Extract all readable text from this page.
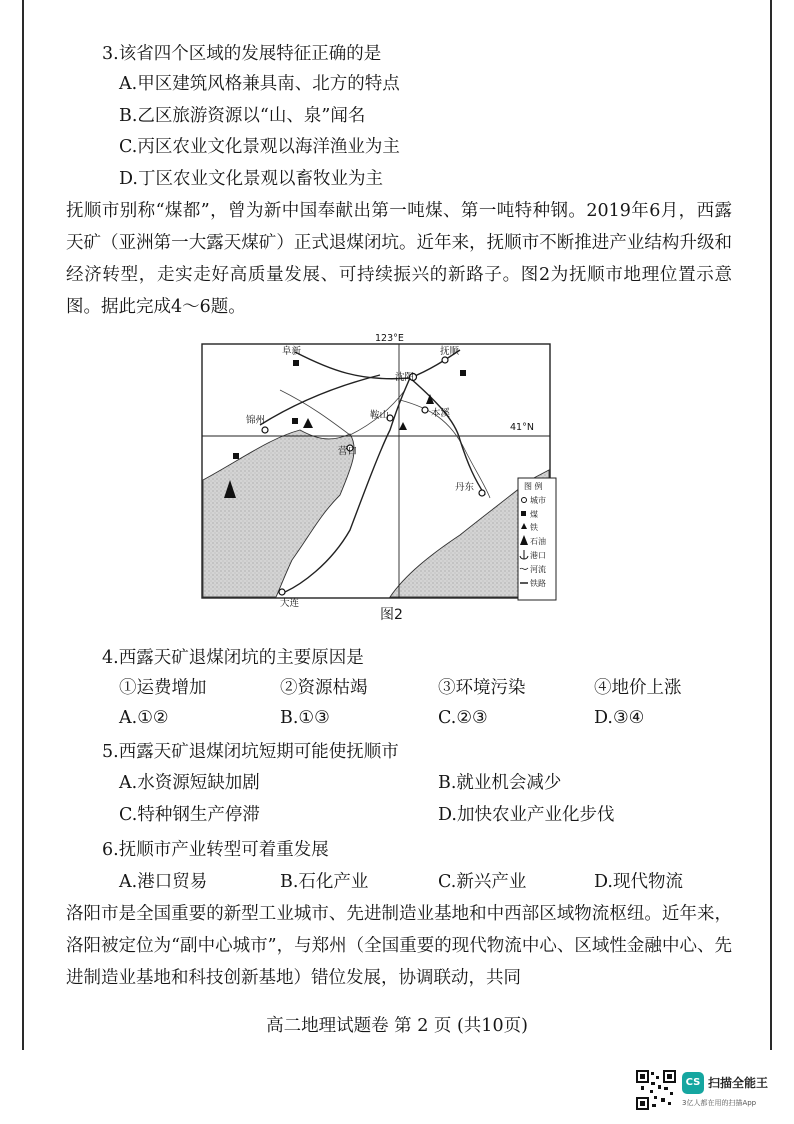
3.该省四个区域的发展特征正确的是
A.甲区建筑风格兼具南、北方的特点
B.乙区旅游资源以“山、泉”闻名
C.丙区农业文化景观以海洋渔业为主
D.丁区农业文化景观以畜牧业为主
抚顺市别称“煤都”，曾为新中国奉献出第一吨煤、第一吨特种钢。2019年6月，西露天矿（亚洲第一大露天煤矿）正式退煤闭坑。近年来，抚顺市不断推进产业结构升级和经济转型，走实走好高质量发展、可持续振兴的新路子。图2为抚顺市地理位置示意图。据此完成4～6题。
123°E
41°N
阜新	抚顺
沈阳
锦州
本溪
鞍山
营口
丹东
大连
图 例
城市
煤
铁
石油
港口
河流
铁路
图2
4.西露天矿退煤闭坑的主要原因是
①运费增加	②资源枯竭	③环境污染	④地价上涨
A.①②	B.①③	C.②③	D.③④
5.西露天矿退煤闭坑短期可能使抚顺市
A.水资源短缺加剧	B.就业机会减少
C.特种钢生产停滞	D.加快农业产业化步伐
6.抚顺市产业转型可着重发展
A.港口贸易	B.石化产业	C.新兴产业	D.现代物流
洛阳市是全国重要的新型工业城市、先进制造业基地和中西部区域物流枢纽。近年来，洛阳被定位为“副中心城市”，与郑州（全国重要的现代物流中心、区域性金融中心、先进制造业基地和科技创新基地）错位发展，协调联动，共同
高二地理试题卷 第 2 页 (共10页)
CS 扫描全能王
3亿人都在用的扫描App
